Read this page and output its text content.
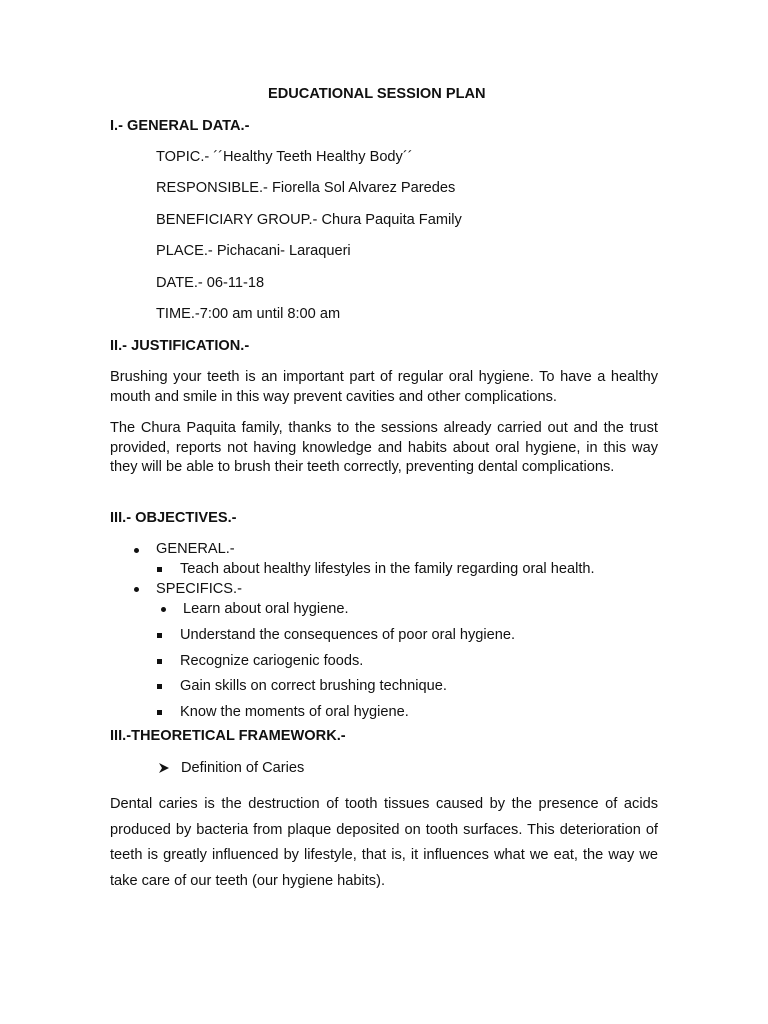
EDUCATIONAL SESSION PLAN
I.- GENERAL DATA.-
TOPIC.- ´´Healthy Teeth Healthy Body´´
RESPONSIBLE.- Fiorella Sol Alvarez Paredes
BENEFICIARY GROUP.- Chura Paquita Family
PLACE.- Pichacani- Laraqueri
DATE.- 06-11-18
TIME.-7:00 am until 8:00 am
II.- JUSTIFICATION.-
Brushing your teeth is an important part of regular oral hygiene. To have a healthy mouth and smile in this way prevent cavities and other complications.
The Chura Paquita family, thanks to the sessions already carried out and the trust provided, reports not having knowledge and habits about oral hygiene, in this way they will be able to brush their teeth correctly, preventing dental complications.
III.- OBJECTIVES.-
GENERAL.-
Teach about healthy lifestyles in the family regarding oral health.
SPECIFICS.-
Learn about oral hygiene.
Understand the consequences of poor oral hygiene.
Recognize cariogenic foods.
Gain skills on correct brushing technique.
Know the moments of oral hygiene.
III.-THEORETICAL FRAMEWORK.-
Definition of Caries
Dental caries is the destruction of tooth tissues caused by the presence of acids produced by bacteria from plaque deposited on tooth surfaces. This deterioration of teeth is greatly influenced by lifestyle, that is, it influences what we eat, the way we take care of our teeth (our hygiene habits).
